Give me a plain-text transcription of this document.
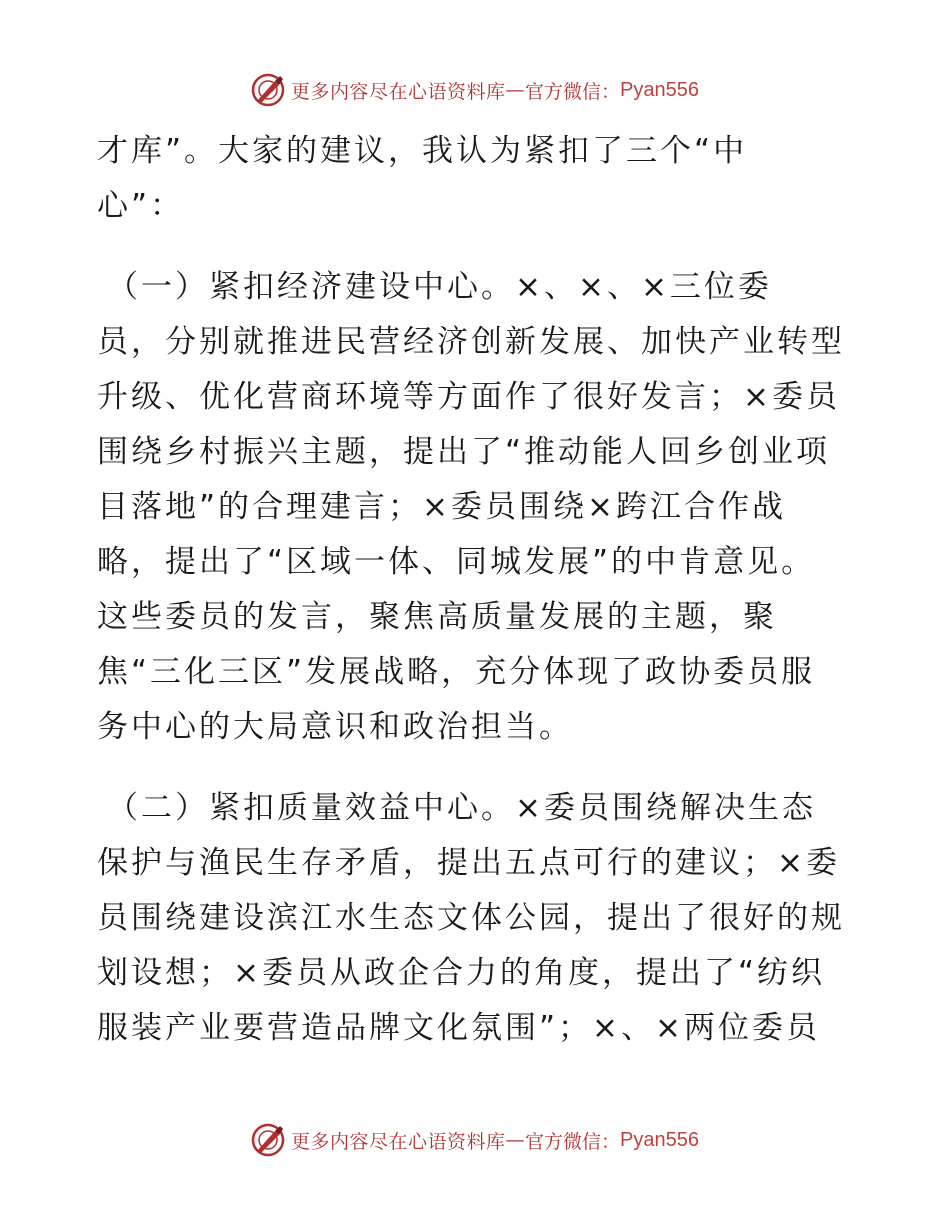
更多内容尽在心语资料库 — 官方微信： Pyan556
才库”。大家的建议，我认为紧扣了三个“中
心”：
（一）紧扣经济建设中心。×、×、×三位委
员，分别就推进民营经济创新发展、加快产业转型
升级、优化营商环境等方面作了很好发言；×委员
围绕乡村振兴主题，提出了“推动能人回乡创业项
目落地”的合理建言；×委员围绕×跨江合作战
略，提出了“区域一体、同城发展”的中肯意见。
这些委员的发言，聚焦高质量发展的主题，聚
焦“三化三区”发展战略，充分体现了政协委员服
务中心的大局意识和政治担当。
（二）紧扣质量效益中心。×委员围绕解决生态
保护与渔民生存矛盾，提出五点可行的建议；×委
员围绕建设滨江水生态文体公园，提出了很好的规
划设想；×委员从政企合力的角度，提出了“纺织
服装产业要营造品牌文化氛围”；×、×两位委员
更多内容尽在心语资料库 — 官方微信： Pyan556
